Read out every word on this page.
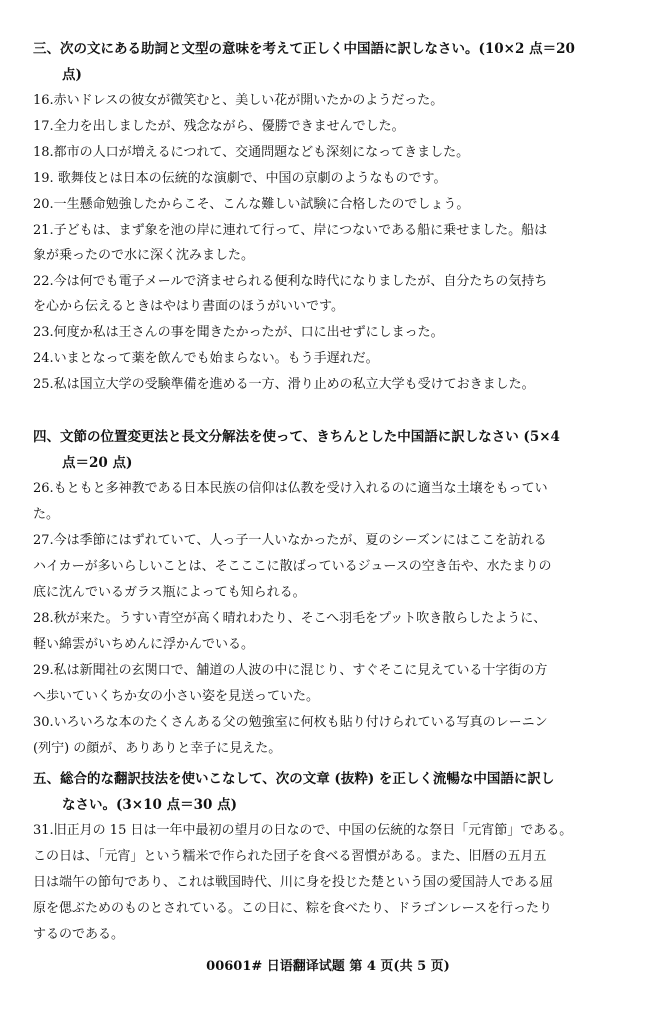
三、次の文にある助詞と文型の意味を考えて正しく中国語に訳しなさい。(10×2 点＝20
点)
16.赤いドレスの彼女が微笑むと、美しい花が開いたかのようだった。
17.全力を出しましたが、残念ながら、優勝できませんでした。
18.都市の人口が増えるにつれて、交通問題なども深刻になってきました。
19. 歌舞伎とは日本の伝統的な演劇で、中国の京劇のようなものです。
20.一生懸命勉強したからこそ、こんな難しい試験に合格したのでしょう。
21.子どもは、まず象を池の岸に連れて行って、岸につないである船に乗せました。船は
象が乗ったので水に深く沈みました。
22.今は何でも電子メールで済ませられる便利な時代になりましたが、自分たちの気持ち
を心から伝えるときはやはり書面のほうがいいです。
23.何度か私は王さんの事を聞きたかったが、口に出せずにしまった。
24.いまとなって薬を飲んでも始まらない。もう手遅れだ。
25.私は国立大学の受験準備を進める一方、滑り止めの私立大学も受けておきました。
四、文節の位置変更法と長文分解法を使って、きちんとした中国語に訳しなさい (5×4
点＝20 点)
26.もともと多神教である日本民族の信仰は仏教を受け入れるのに適当な土壌をもってい
た。
27.今は季節にはずれていて、人っ子一人いなかったが、夏のシーズンにはここを訪れる
ハイカーが多いらしいことは、そこここに散ばっているジュースの空き缶や、水たまりの
底に沈んでいるガラス瓶によっても知られる。
28.秋が来た。うすい青空が高く晴れわたり、そこへ羽毛をプット吹き散らしたように、
軽い綿雲がいちめんに浮かんでいる。
29.私は新聞社の玄関口で、舗道の人波の中に混じり、すぐそこに見えている十字街の方
へ歩いていくちか女の小さい姿を見送っていた。
30.いろいろな本のたくさんある父の勉強室に何枚も貼り付けられている写真のレーニン
(列宁) の顔が、ありありと幸子に見えた。
五、総合的な翻訳技法を使いこなして、次の文章 (抜粋) を正しく流暢な中国語に訳し
なさい。(3×10 点＝30 点)
31.旧正月の 15 日は一年中最初の望月の日なので、中国の伝統的な祭日「元宵節」である。
この日は、「元宵」という糯米で作られた団子を食べる習慣がある。また、旧暦の五月五
日は端午の節句であり、これは戦国時代、川に身を投じた楚という国の愛国詩人である屈
原を偲ぶためのものとされている。この日に、粽を食べたり、ドラゴンレースを行ったり
するのである。
00601# 日语翻译试题 第 4 页(共 5 页)
